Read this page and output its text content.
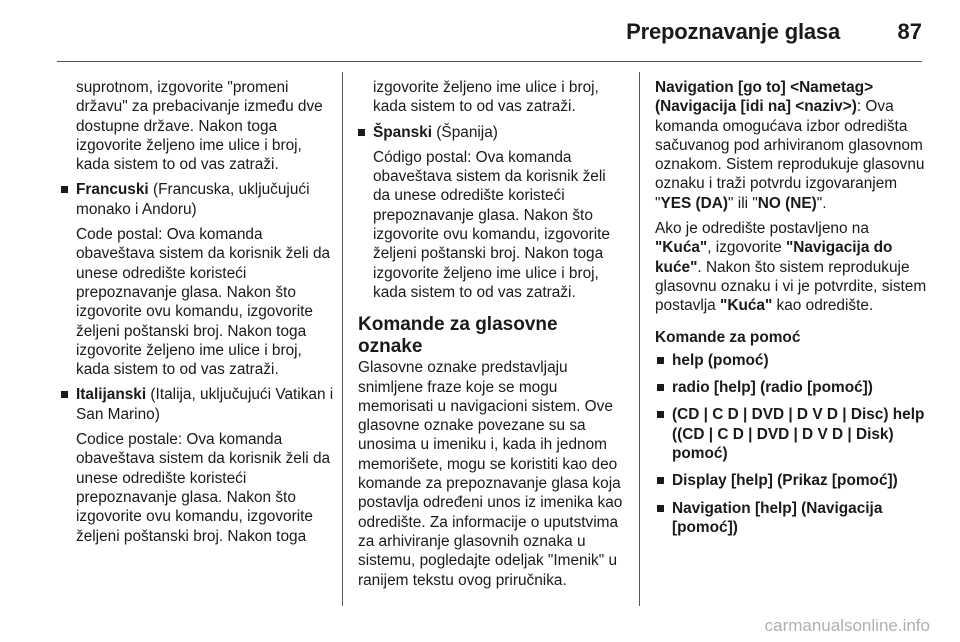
Prepoznavanje glasa	87

suprotnom, izgovorite "promeni državu" za prebacivanje između dve dostupne države. Nakon toga izgovorite željeno ime ulice i broj, kada sistem to od vas zatraži.

Francuski (Francuska, uključujući monako i Andoru)

Code postal: Ova komanda obaveštava sistem da korisnik želi da unese odredište koristeći prepoznavanje glasa. Nakon što izgovorite ovu komandu, izgovorite željeni poštanski broj. Nakon toga izgovorite željeno ime ulice i broj, kada sistem to od vas zatraži.

Italijanski (Italija, uključujući Vatikan i San Marino)

Codice postale: Ova komanda obaveštava sistem da korisnik želi da unese odredište koristeći prepoznavanje glasa. Nakon što izgovorite ovu komandu, izgovorite željeni poštanski broj. Nakon toga

izgovorite željeno ime ulice i broj, kada sistem to od vas zatraži.

Španski (Španija)

Código postal: Ova komanda obaveštava sistem da korisnik želi da unese odredište koristeći prepoznavanje glasa. Nakon što izgovorite ovu komandu, izgovorite željeni poštanski broj. Nakon toga izgovorite željeno ime ulice i broj, kada sistem to od vas zatraži.

Komande za glasovne oznake

Glasovne oznake predstavljaju snimljene fraze koje se mogu memorisati u navigacioni sistem. Ove glasovne oznake povezane su sa unosima u imeniku i, kada ih jednom memorišete, mogu se koristiti kao deo komande za prepoznavanje glasa koja postavlja određeni unos iz imenika kao odredište. Za informacije o uputstvima za arhiviranje glasovnih oznaka u sistemu, pogledajte odeljak "Imenik" u ranijem tekstu ovog priručnika.

Navigation [go to] <Nametag> (Navigacija [idi na] <naziv>): Ova komanda omogućava izbor odredišta sačuvanog pod arhiviranom glasovnom oznakom. Sistem reprodukuje glasovnu oznaku i traži potvrdu izgovaranjem "YES (DA)" ili "NO (NE)".

Ako je odredište postavljeno na "Kuća", izgovorite "Navigacija do kuće". Nakon što sistem reprodukuje glasovnu oznaku i vi je potvrdite, sistem postavlja "Kuća" kao odredište.

Komande za pomoć
help (pomoć)
radio [help] (radio [pomoć])
(CD | C D | DVD | D V D | Disc) help ((CD | C D | DVD | D V D | Disk) pomoć)
Display [help] (Prikaz [pomoć])
Navigation [help] (Navigacija [pomoć])
carmanualsonline.info
